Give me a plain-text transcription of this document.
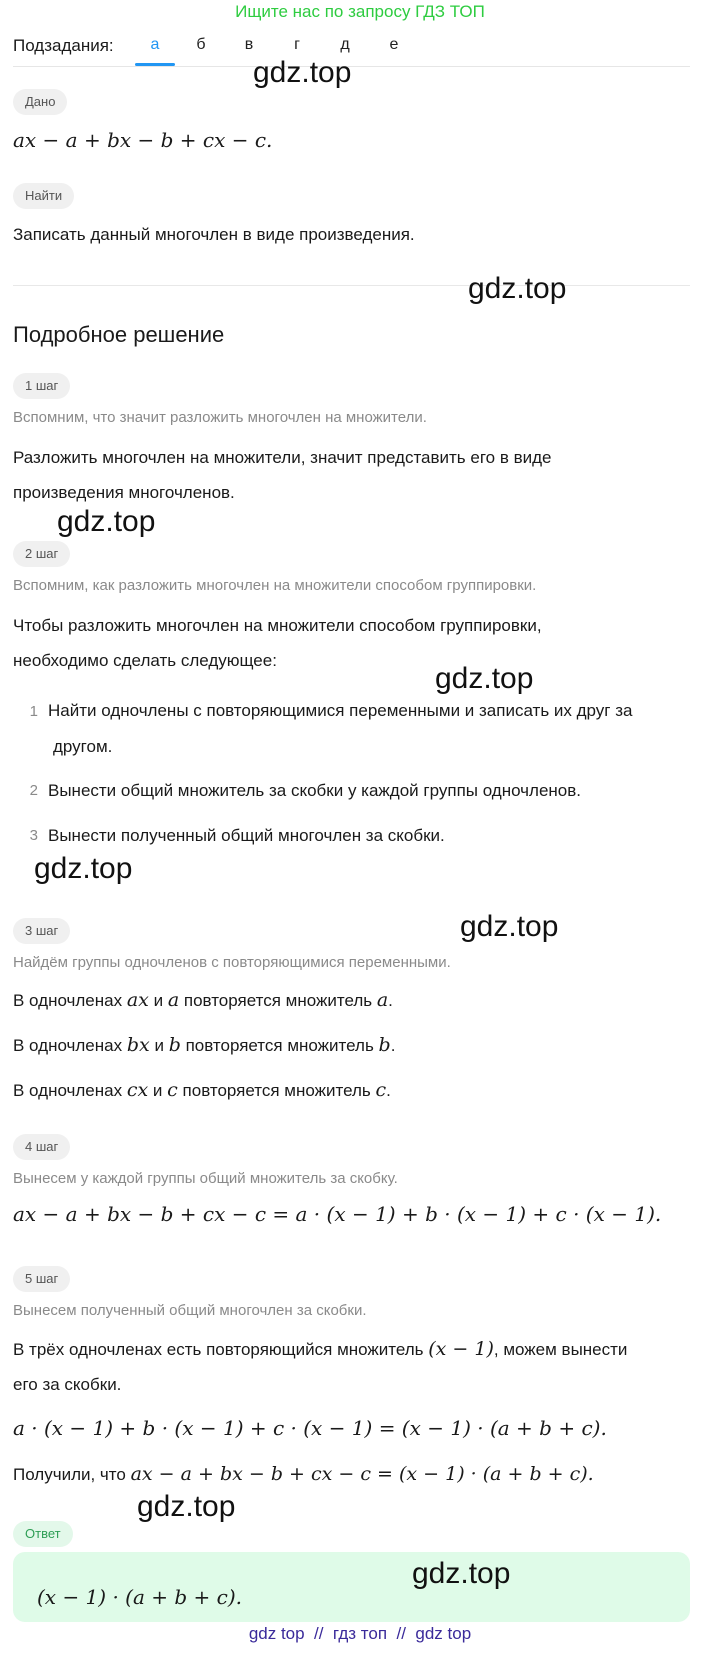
Ищите нас по запросу ГДЗ ТОП
Подзадания:	а	б	в	г	д	е
Дано
ax − a + bx − b + cx − c.
Найти
Записать данный многочлен в виде произведения.
Подробное решение
1 шаг
Вспомним, что значит разложить многочлен на множители.
Разложить многочлен на множители, значит представить его в виде
произведения многочленов.
2 шаг
Вспомним, как разложить многочлен на множители способом группировки.
Чтобы разложить многочлен на множители способом группировки,
необходимо сделать следующее:
1 Найти одночлены с повторяющимися переменными и записать их друг за
другом.
2 Вынести общий множитель за скобки у каждой группы одночленов.
3 Вынести полученный общий многочлен за скобки.
3 шаг
Найдём группы одночленов с повторяющимися переменными.
В одночленах ax и a повторяется множитель a.
В одночленах bx и b повторяется множитель b.
В одночленах cx и c повторяется множитель c.
4 шаг
Вынесем у каждой группы общий множитель за скобку.
ax − a + bx − b + cx − c = a · (x − 1) + b · (x − 1) + c · (x − 1).
5 шаг
Вынесем полученный общий многочлен за скобки.
В трёх одночленах есть повторяющийся множитель (x − 1), можем вынести
его за скобки.
a · (x − 1) + b · (x − 1) + c · (x − 1) = (x − 1) · (a + b + c).
Получили, что ax − a + bx − b + cx − c = (x − 1) · (a + b + c).
Ответ
(x − 1) · (a + b + c).
gdz.top
gdz.top
gdz.top
gdz.top
gdz.top
gdz.top
gdz.top
gdz.top
gdz top  //  гдз топ  //  gdz top
